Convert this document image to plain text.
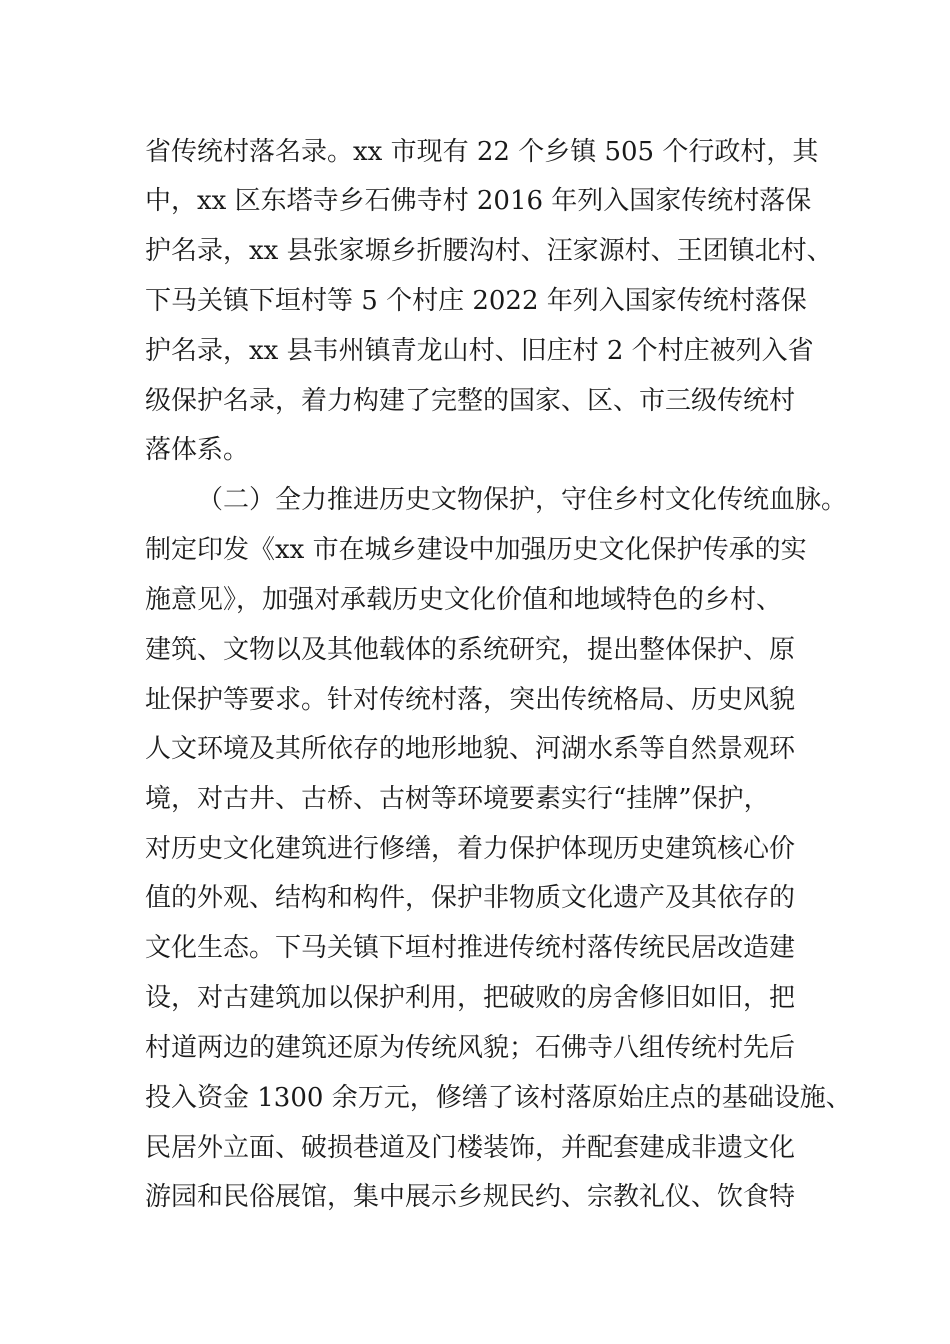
省传统村落名录。xx 市现有 22 个乡镇 505 个行政村，其
中，xx 区东塔寺乡石佛寺村 2016 年列入国家传统村落保
护名录，xx 县张家塬乡折腰沟村、汪家源村、王团镇北村、
下马关镇下垣村等 5 个村庄 2022 年列入国家传统村落保
护名录，xx 县韦州镇青龙山村、旧庄村 2 个村庄被列入省
级保护名录，着力构建了完整的国家、区、市三级传统村
落体系。
（二）全力推进历史文物保护，守住乡村文化传统血脉。
制定印发《xx 市在城乡建设中加强历史文化保护传承的实
施意见》，加强对承载历史文化价值和地域特色的乡村、
建筑、文物以及其他载体的系统研究，提出整体保护、原
址保护等要求。针对传统村落，突出传统格局、历史风貌
人文环境及其所依存的地形地貌、河湖水系等自然景观环
境，对古井、古桥、古树等环境要素实行“挂牌”保护，
对历史文化建筑进行修缮，着力保护体现历史建筑核心价
值的外观、结构和构件，保护非物质文化遗产及其依存的
文化生态。下马关镇下垣村推进传统村落传统民居改造建
设，对古建筑加以保护利用，把破败的房舍修旧如旧，把
村道两边的建筑还原为传统风貌；石佛寺八组传统村先后
投入资金 1300 余万元，修缮了该村落原始庄点的基础设施、
民居外立面、破损巷道及门楼装饰，并配套建成非遗文化
游园和民俗展馆，集中展示乡规民约、宗教礼仪、饮食特
